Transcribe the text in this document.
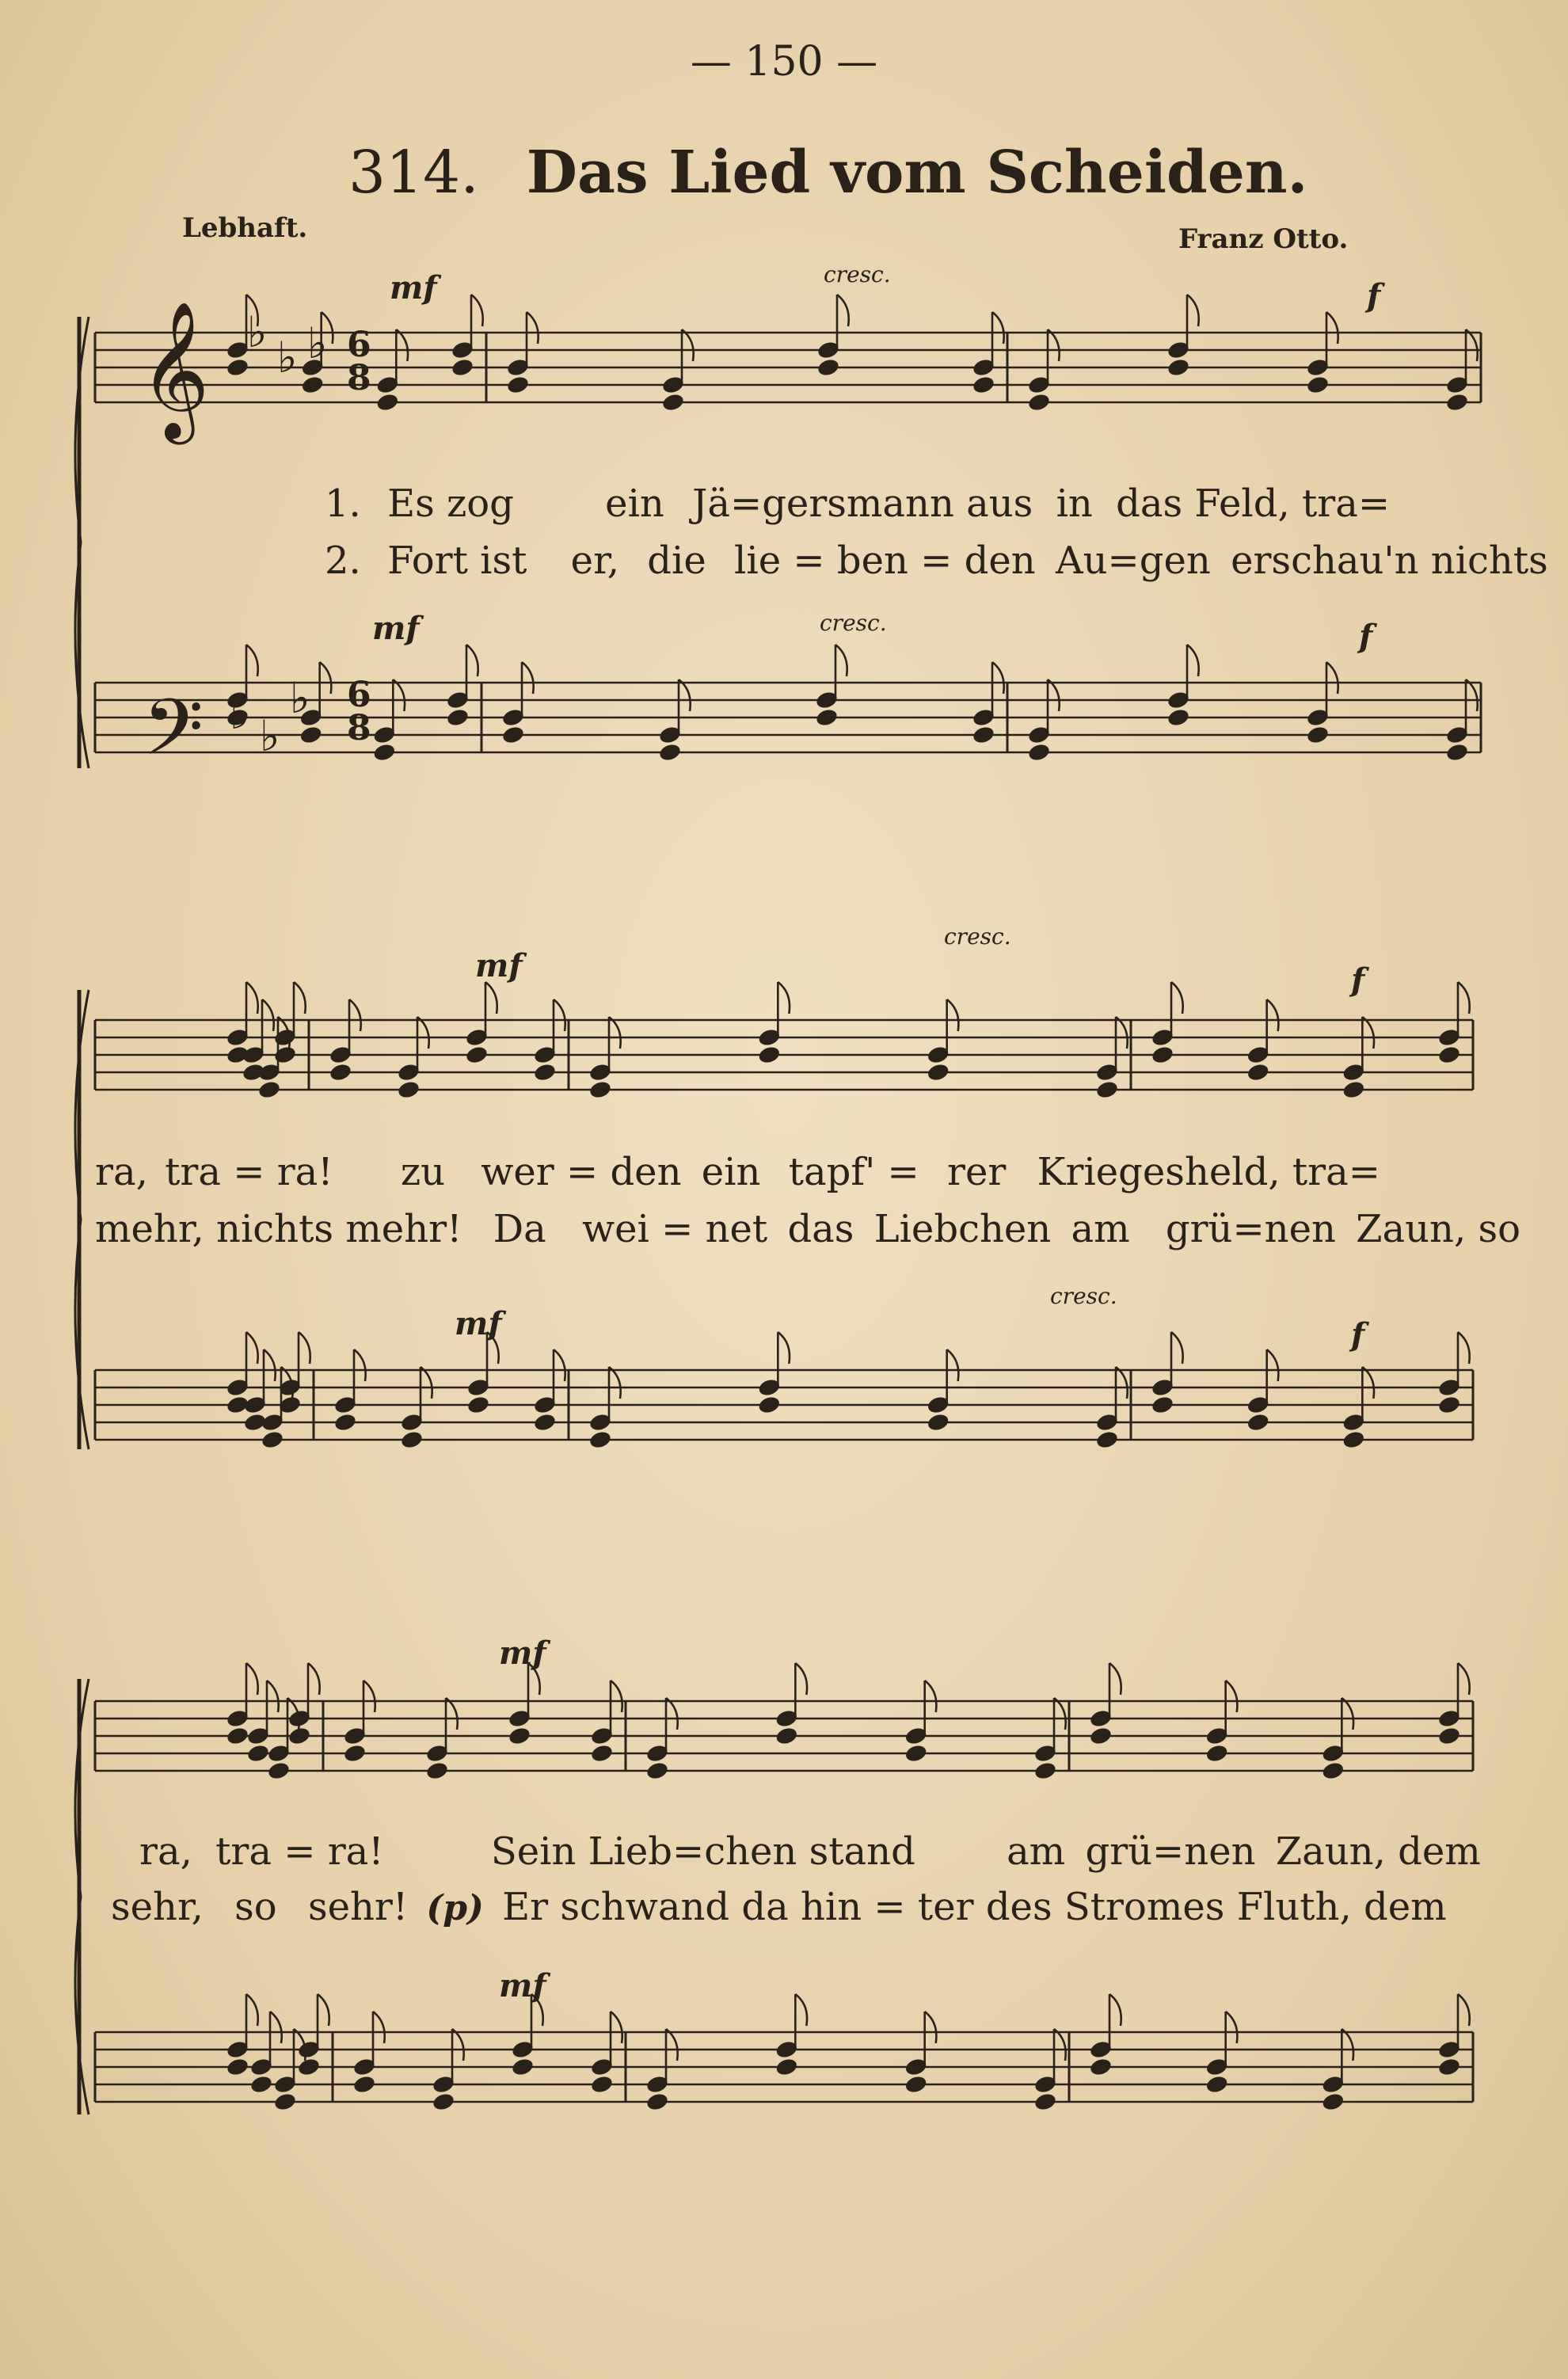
— 150 —
314. Das Lied vom Scheiden.
Lebhaft.	Franz Otto.
mf	cresc.
f
mf	cresc.	f
mf
cresc.
f
mf
cresc.
f
mf
mf
1. Es zog ein Jä=gersmann aus in das Feld, tra=
2. Fort ist er, die lie = ben = den Au=gen erschau'n nichts
ra, tra = ra! zu wer = den ein tapf' = rer Kriegesheld, tra=
mehr, nichts mehr! Da wei = net das Liebchen am grü=nen Zaun, so
ra, tra = ra!	Sein Lieb=chen stand am grü=nen Zaun, dem
sehr, so sehr! (p) Er schwand da hin = ter des Stromes Fluth, dem
𝄞
𝄢
6
8
6
8
♭
♭ ♭
♭ ♭
♭
